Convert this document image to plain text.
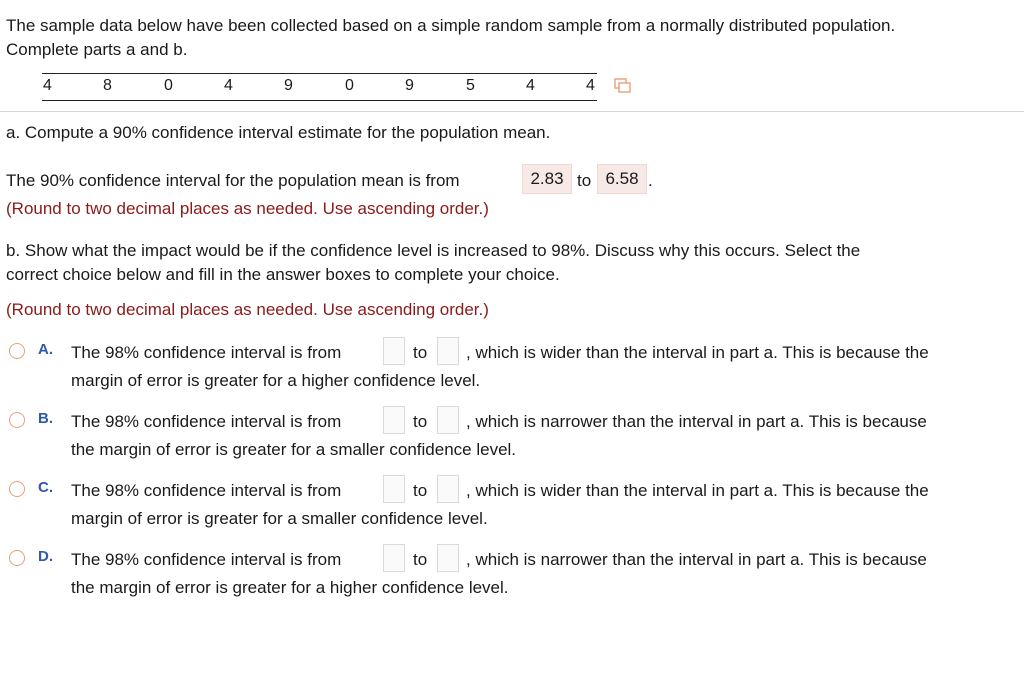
The sample data below have been collected based on a simple random sample from a normally distributed population.
Complete parts a and b.
4	8	0	4	9	0	9	5	4	4
a. Compute a 90% confidence interval estimate for the population mean.
The 90% confidence interval for the population mean is from	2.83 to 6.58 .
(Round to two decimal places as needed. Use ascending order.)
b. Show what the impact would be if the confidence level is increased to 98%. Discuss why this occurs. Select the
correct choice below and fill in the answer boxes to complete your choice.
(Round to two decimal places as needed. Use ascending order.)
A. The 98% confidence interval is from	to , which is wider than the interval in part a. This is because the
margin of error is greater for a higher confidence level.
B. The 98% confidence interval is from	to , which is narrower than the interval in part a. This is because
the margin of error is greater for a smaller confidence level.
C. The 98% confidence interval is from	to , which is wider than the interval in part a. This is because the
margin of error is greater for a smaller confidence level.
D. The 98% confidence interval is from	to , which is narrower than the interval in part a. This is because
the margin of error is greater for a higher confidence level.
